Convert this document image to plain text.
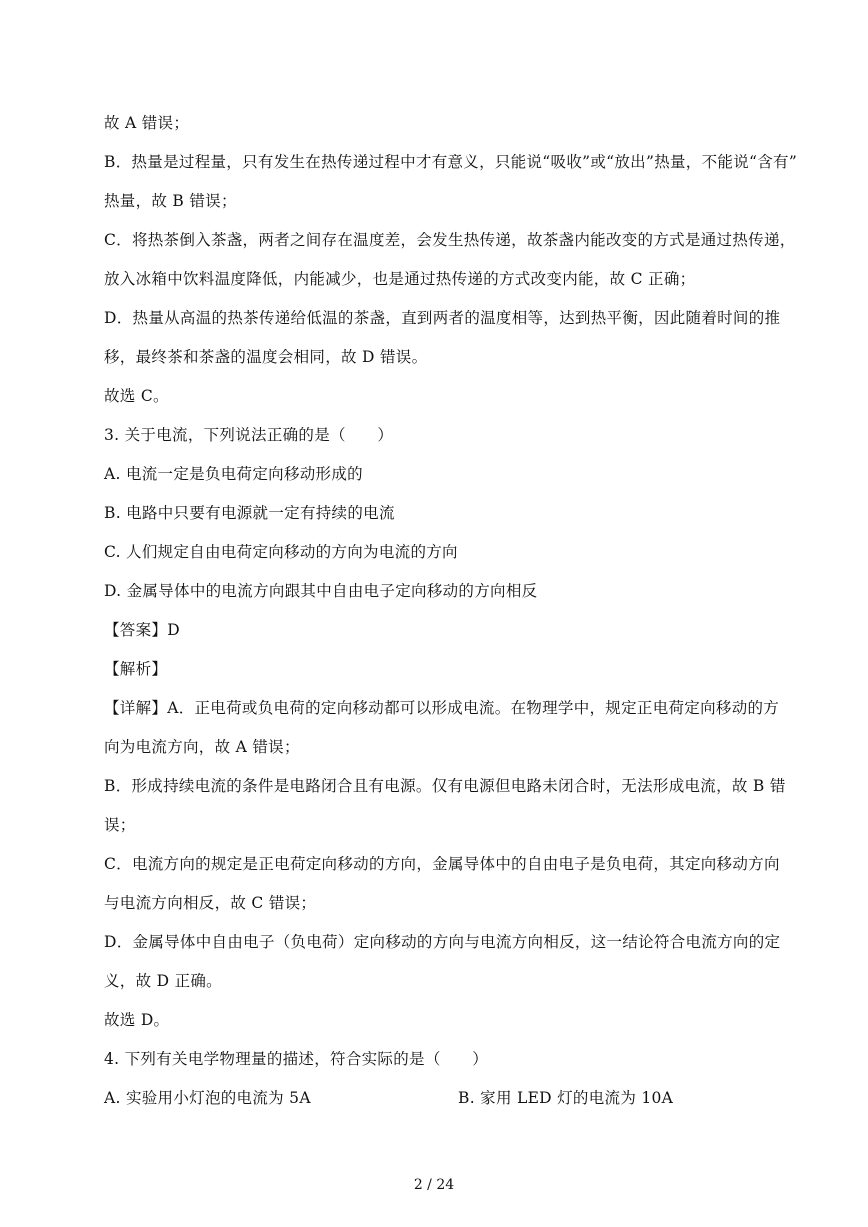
故 A 错误；
B．热量是过程量，只有发生在热传递过程中才有意义，只能说“吸收”或“放出”热量，不能说“含有”
热量，故 B 错误；
C．将热茶倒入茶盏，两者之间存在温度差，会发生热传递，故茶盏内能改变的方式是通过热传递，
放入冰箱中饮料温度降低，内能减少，也是通过热传递的方式改变内能，故 C 正确；
D．热量从高温的热茶传递给低温的茶盏，直到两者的温度相等，达到热平衡，因此随着时间的推
移，最终茶和茶盏的温度会相同，故 D 错误。
故选 C。
3. 关于电流，下列说法正确的是（　　）
A. 电流一定是负电荷定向移动形成的
B. 电路中只要有电源就一定有持续的电流
C. 人们规定自由电荷定向移动的方向为电流的方向
D. 金属导体中的电流方向跟其中自由电子定向移动的方向相反
【答案】D
【解析】
【详解】A．正电荷或负电荷的定向移动都可以形成电流。在物理学中，规定正电荷定向移动的方
向为电流方向，故 A 错误；
B．形成持续电流的条件是电路闭合且有电源。仅有电源但电路未闭合时，无法形成电流，故 B 错
误；
C．电流方向的规定是正电荷定向移动的方向，金属导体中的自由电子是负电荷，其定向移动方向
与电流方向相反，故 C 错误；
D．金属导体中自由电子（负电荷）定向移动的方向与电流方向相反，这一结论符合电流方向的定
义，故 D 正确。
故选 D。
4. 下列有关电学物理量的描述，符合实际的是（　　）
A. 实验用小灯泡的电流为 5A	B. 家用 LED 灯的电流为 10A
2 / 24
